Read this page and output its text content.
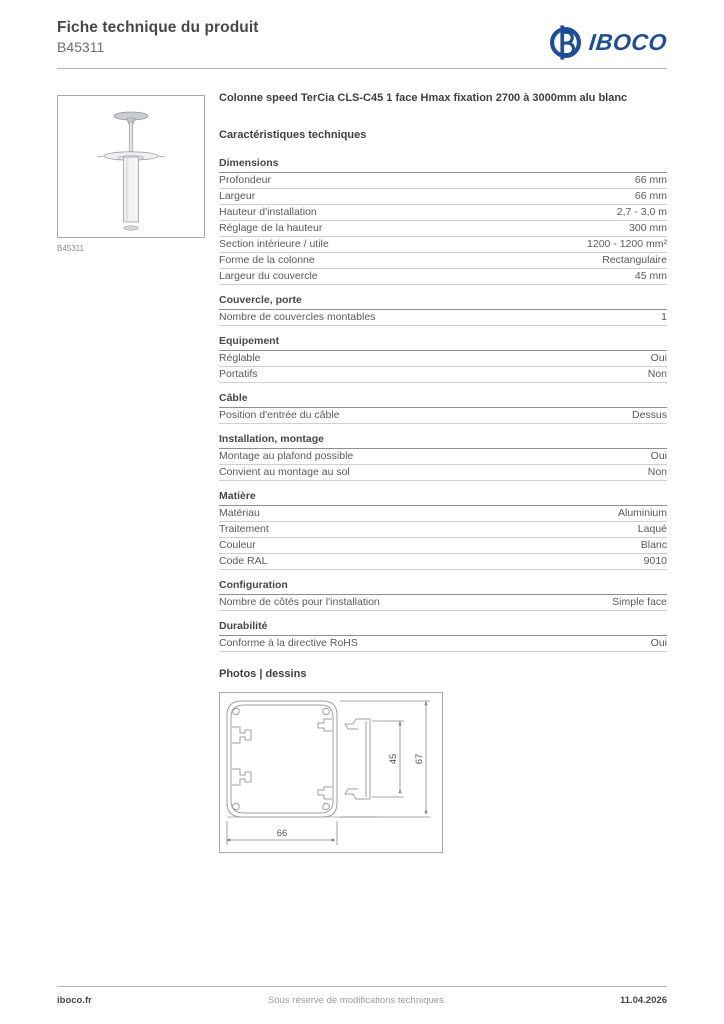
Fiche technique du produit
B45311	IBOCO
B45311
Colonne speed TerCia CLS-C45 1 face Hmax fixation 2700 à 3000mm alu blanc
Caractéristiques techniques
Dimensions
Profondeur	66 mm
Largeur	66 mm
Hauteur d'installation	2,7 - 3,0 m
Réglage de la hauteur	300 mm
Section intérieure / utile	1200 - 1200 mm²
Forme de la colonne	Rectangulaire
Largeur du couvercle	45 mm
Couvercle, porte
Nombre de couvercles montables	1
Equipement
Réglable	Oui
Portatifs	Non
Câble
Position d'entrée du câble	Dessus
Installation, montage
Montage au plafond possible	Oui
Convient au montage au sol	Non
Matière
Matériau	Aluminium
Traitement	Laqué
Couleur	Blanc
Code RAL	9010
Configuration
Nombre de côtés pour l'installation	Simple face
Durabilité
Conforme à la directive RoHS	Oui
Photos | dessins
66
45 67
iboco.fr	Sous réserve de modifications techniques	11.04.2026
